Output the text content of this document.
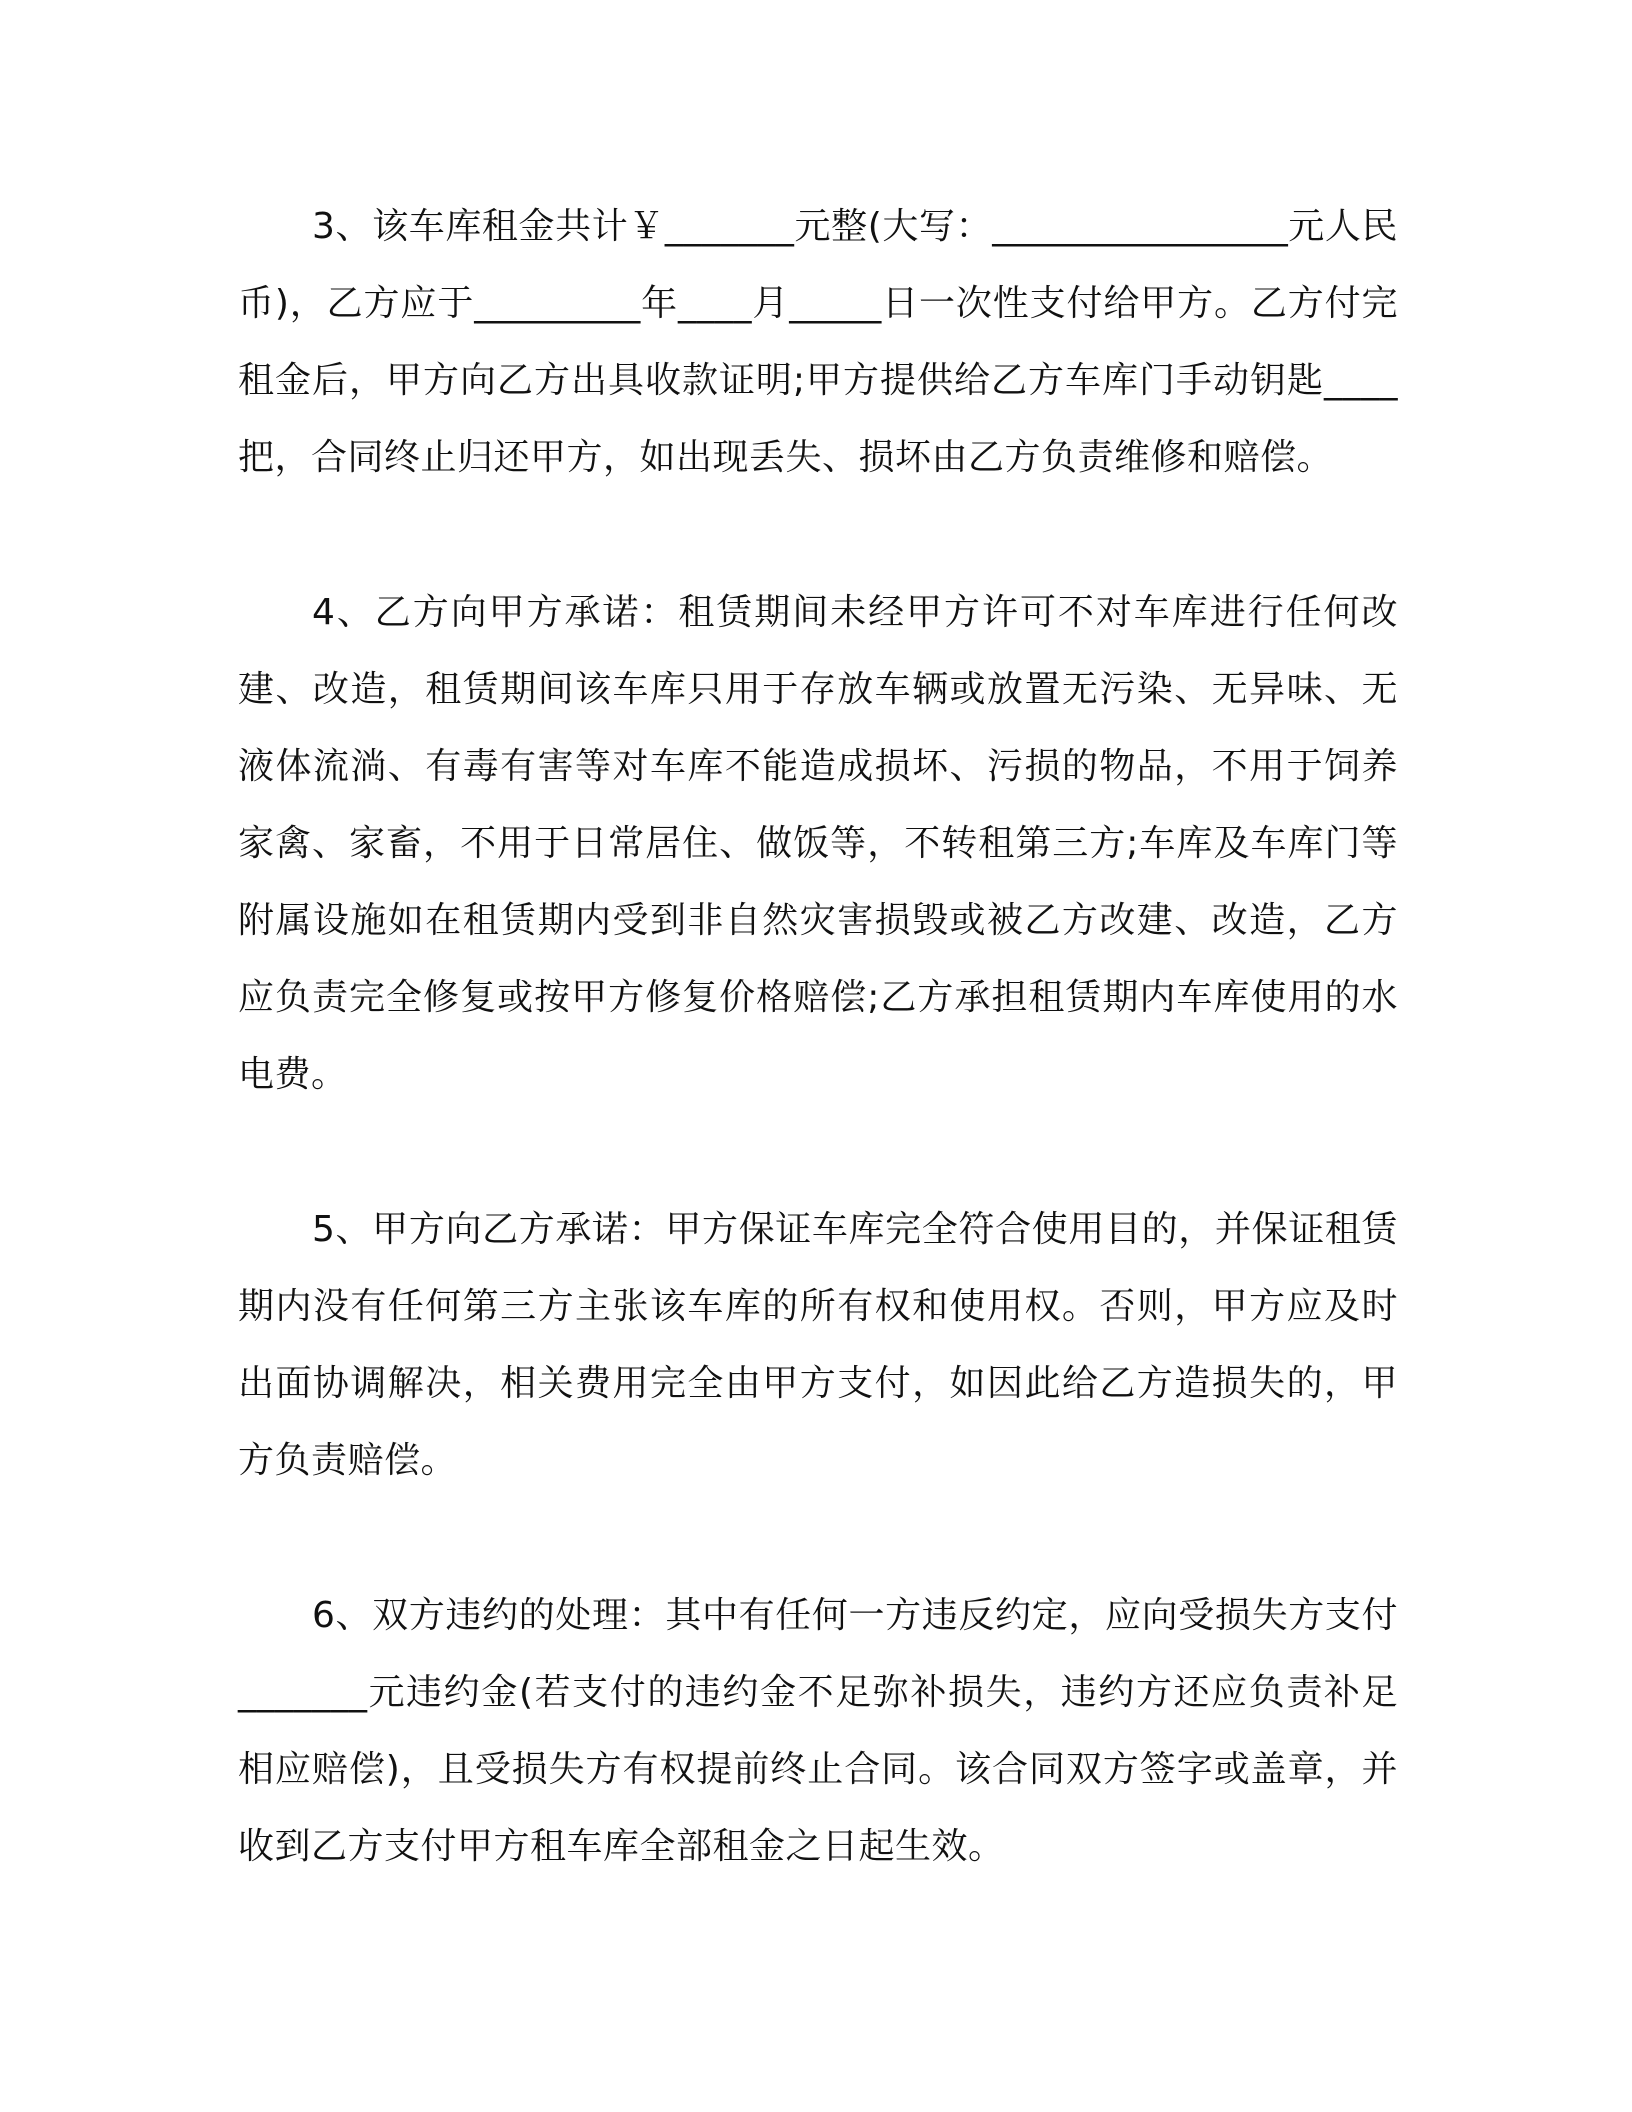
3、该车库租金共计￥_______元整(大写：________________元人民币)，乙方应于_________年____月_____日一次性支付给甲方。乙方付完租金后，甲方向乙方出具收款证明;甲方提供给乙方车库门手动钥匙____把，合同终止归还甲方，如出现丢失、损坏由乙方负责维修和赔偿。

4、乙方向甲方承诺：租赁期间未经甲方许可不对车库进行任何改建、改造，租赁期间该车库只用于存放车辆或放置无污染、无异味、无液体流淌、有毒有害等对车库不能造成损坏、污损的物品，不用于饲养家禽、家畜，不用于日常居住、做饭等，不转租第三方;车库及车库门等附属设施如在租赁期内受到非自然灾害损毁或被乙方改建、改造，乙方应负责完全修复或按甲方修复价格赔偿;乙方承担租赁期内车库使用的水电费。

5、甲方向乙方承诺：甲方保证车库完全符合使用目的，并保证租赁期内没有任何第三方主张该车库的所有权和使用权。否则，甲方应及时出面协调解决，相关费用完全由甲方支付，如因此给乙方造损失的，甲方负责赔偿。

6、双方违约的处理：其中有任何一方违反约定，应向受损失方支付_______元违约金(若支付的违约金不足弥补损失，违约方还应负责补足相应赔偿)，且受损失方有权提前终止合同。该合同双方签字或盖章，并收到乙方支付甲方租车库全部租金之日起生效。
